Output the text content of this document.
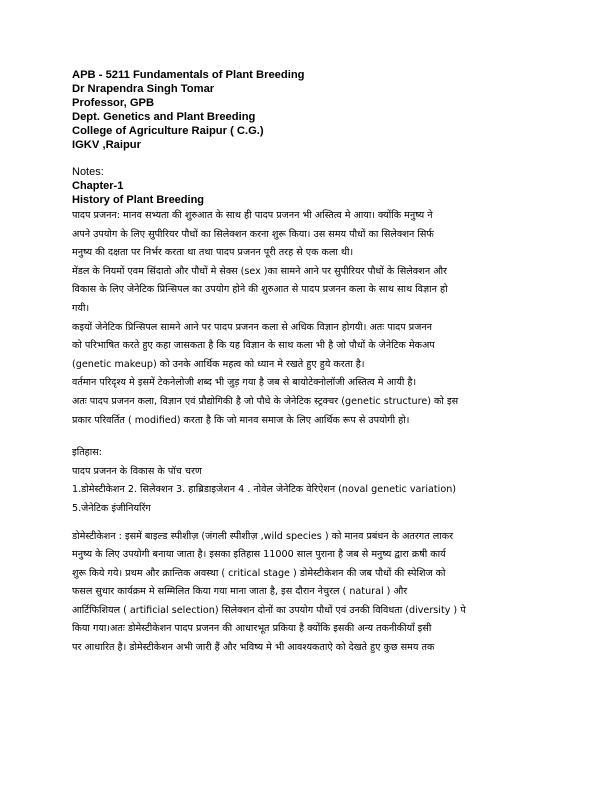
APB - 5211 Fundamentals of Plant Breeding
Dr Nrapendra Singh Tomar
Professor, GPB
Dept. Genetics and Plant Breeding
College of Agriculture Raipur ( C.G.)
IGKV ,Raipur
Notes:
Chapter-1
History of Plant Breeding

पादप प्रजनन: मानव सभ्यता की शुरुआत के साथ ही पादप प्रजनन भी अस्तित्व मे आया। क्योंकि मनुष्य ने

अपने उपयोग के लिए सुपीरियर पौधों का सिलेक्शन करना शुरू किया। उस समय पौधों का सिलेक्शन सिर्फ

मनुष्य की दक्षता पर निर्भर करता था तथा पादप प्रजनन पूरी तरह से एक कला थी।

मेंडल के नियमों एवम सिंदातो और पौधों मे सेक्स (sex )का सामने आने पर सुपीरियर पौधों के सिलेक्शन और

विकास के लिए जेनेटिक प्रिन्सिपल का उपयोग होने की शुरुआत से पादप प्रजनन कला के साथ साथ विज्ञान हो

गयी।

कइयों जेनेटिक प्रिन्सिपल सामने आने पर पादप प्रजनन कला से अधिक विज्ञान होगयी। अतः पादप प्रजनन

को परिभाषित करते हुए कहा जासकता है कि यह विज्ञान के साथ कला भी है जो पौधों के जेनेटिक मेकअप

(genetic makeup) को उनके आर्थिक महत्व को ध्यान मे रखते हुए हुये करता है।

वर्तमान परिदृश्य मे इसमें टेकनेलोजी शब्द भी जुड़ गया है जब से बायोटेक्नोलॉजी अस्तित्व मे आयी है।

अतः पादप प्रजनन कला, विज्ञान एवं प्रौद्योगिकी है जो पौधे के जेनेटिक स्ट्रक्चर (genetic structure) को इस

प्रकार परिवर्तित ( modified) करता है कि जो मानव समाज के लिए आर्थिक रूप से उपयोगी हो।

इतिहास:

पादप प्रजनन के विकास के पॉच चरण

1.डोमेस्टीकेशन 2. सिलेक्शन 3. हाब्रिडाइजेशन 4 . नोवेल जेनेटिक वेरिऐशन (noval genetic variation)

5.जेनेटिक इंजीनियरिंग

डोमेस्टीकेशन : इसमें बाइल्ड स्पीशीज़ (जंगली स्पीशीज़ ,wild species ) को मानव प्रबंधन के अतरगत लाकर

मनुष्य के लिए उपयोगी बनाया जाता है। इसका इतिहास 11000 साल पुराना है जब से मनुष्य द्वारा क्रषी कार्य

शुरू किये गये। प्रथम और क्रान्तिक अवस्था ( critical stage ) डोमेस्टीकेशन की जब पौधों की स्पेशिज को

फसल सुधार कार्यक्रम मे सम्मिलित किया गया माना जाता है, इस दौरान नेचुरल ( natural ) और

आर्टिफिशियल ( artificial selection) सिलेक्शन दोनों का उपयोग पौधों एवं उनकी विविधता (diversity ) पे

किया गया।अतः डोमेस्टीकेशन पादप प्रजनन की आधारभूत प्रकिया है क्योंकि इसकी अन्य तकनीकीयाँ इसी

पर आधारित है। डोमेस्टीकेशन अभी जारी हैं और भविष्य मे भी आवश्यकताऐ को देखते हुए कुछ समय तक
